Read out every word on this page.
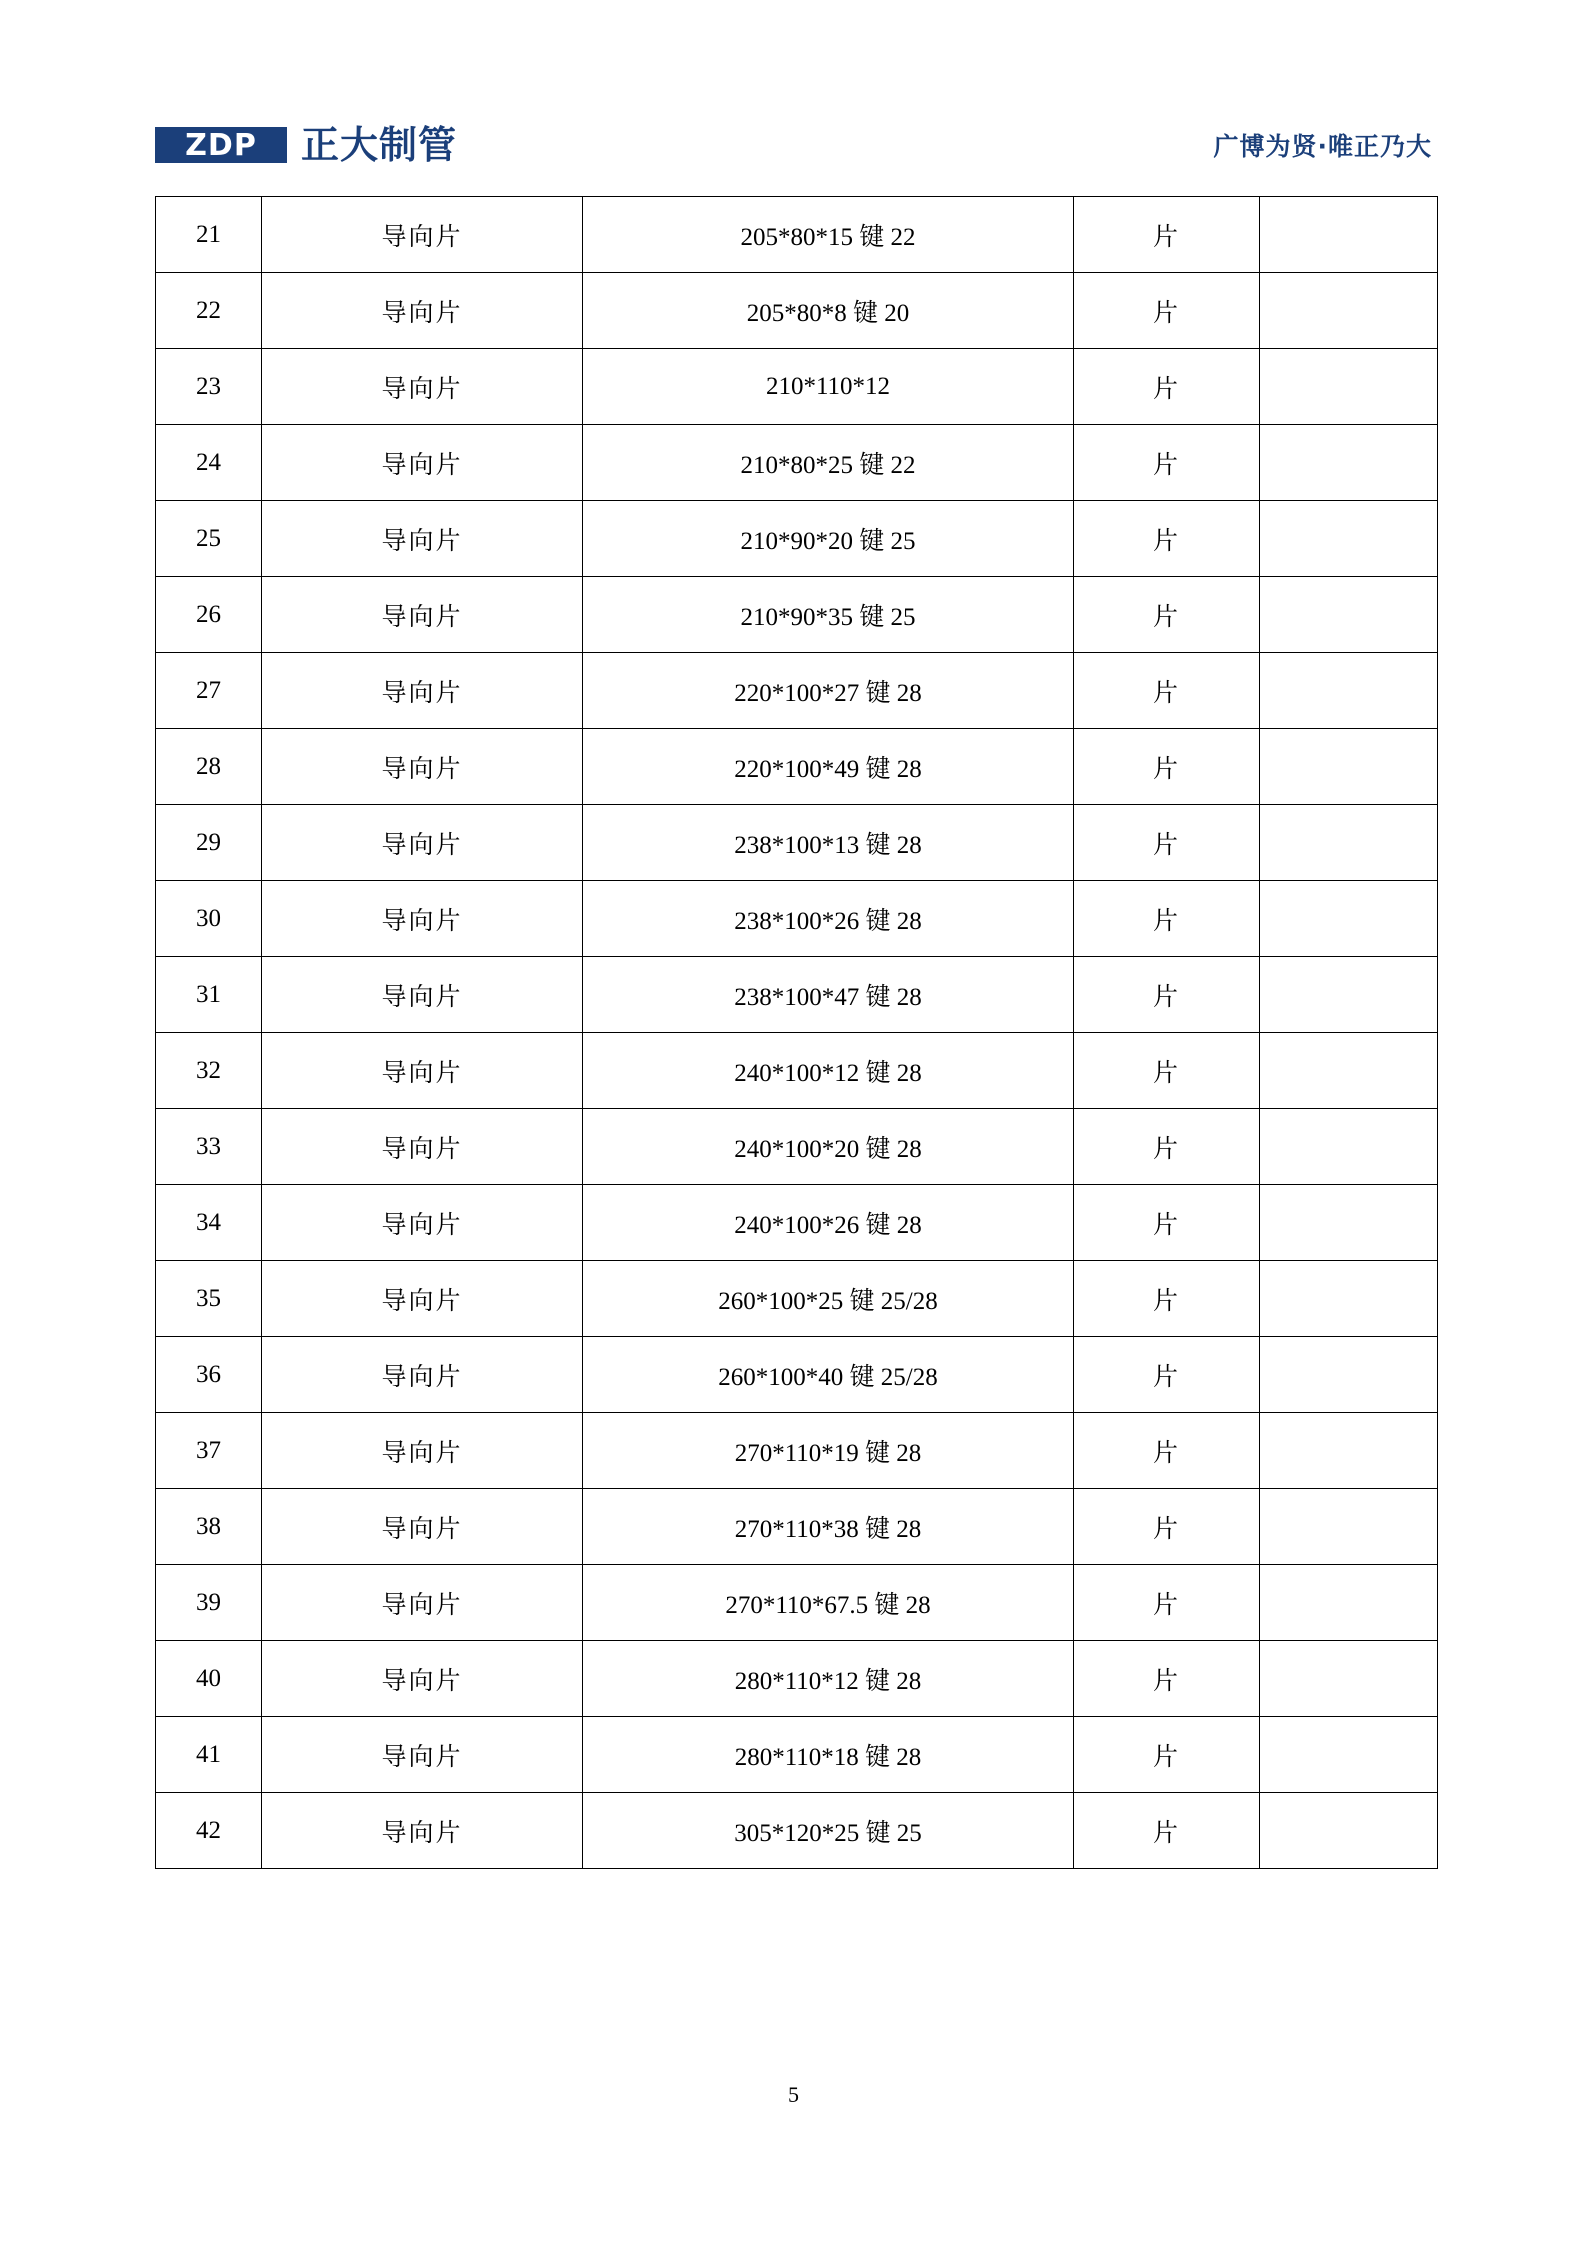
ZDP 正大制管	广博为贤·唯正乃大
21	导向片	205*80*15 键 22	片	
22	导向片	205*80*8 键 20	片	
23	导向片	210*110*12	片	
24	导向片	210*80*25 键 22	片	
25	导向片	210*90*20 键 25	片	
26	导向片	210*90*35 键 25	片	
27	导向片	220*100*27 键 28	片	
28	导向片	220*100*49 键 28	片	
29	导向片	238*100*13 键 28	片	
30	导向片	238*100*26 键 28	片	
31	导向片	238*100*47 键 28	片	
32	导向片	240*100*12 键 28	片	
33	导向片	240*100*20 键 28	片	
34	导向片	240*100*26 键 28	片	
35	导向片	260*100*25 键 25/28	片	
36	导向片	260*100*40 键 25/28	片	
37	导向片	270*110*19 键 28	片	
38	导向片	270*110*38 键 28	片	
39	导向片	270*110*67.5 键 28	片	
40	导向片	280*110*12 键 28	片	
41	导向片	280*110*18 键 28	片	
42	导向片	305*120*25 键 25	片	
5
